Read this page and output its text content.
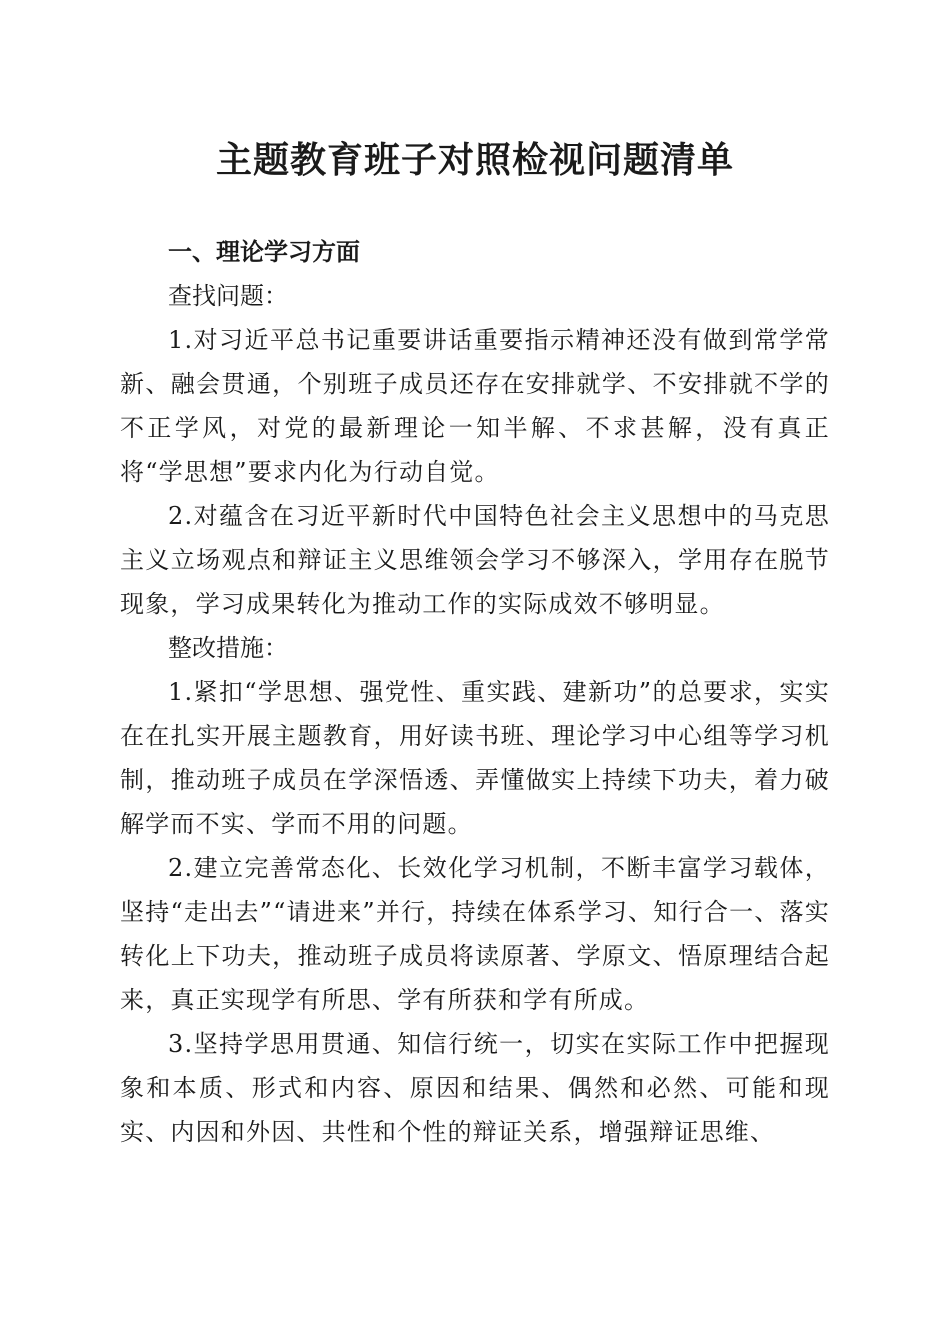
主题教育班子对照检视问题清单

一、理论学习方面

查找问题：

1.对习近平总书记重要讲话重要指示精神还没有做到常学常新、融会贯通，个别班子成员还存在安排就学、不安排就不学的不正学风，对党的最新理论一知半解、不求甚解，没有真正将“学思想”要求内化为行动自觉。

2.对蕴含在习近平新时代中国特色社会主义思想中的马克思主义立场观点和辩证主义思维领会学习不够深入，学用存在脱节现象，学习成果转化为推动工作的实际成效不够明显。

整改措施：

1.紧扣“学思想、强党性、重实践、建新功”的总要求，实实在在扎实开展主题教育，用好读书班、理论学习中心组等学习机制，推动班子成员在学深悟透、弄懂做实上持续下功夫，着力破解学而不实、学而不用的问题。

2.建立完善常态化、长效化学习机制，不断丰富学习载体，坚持“走出去”“请进来”并行，持续在体系学习、知行合一、落实转化上下功夫，推动班子成员将读原著、学原文、悟原理结合起来，真正实现学有所思、学有所获和学有所成。

3.坚持学思用贯通、知信行统一，切实在实际工作中把握现象和本质、形式和内容、原因和结果、偶然和必然、可能和现实、内因和外因、共性和个性的辩证关系，增强辩证思维、
